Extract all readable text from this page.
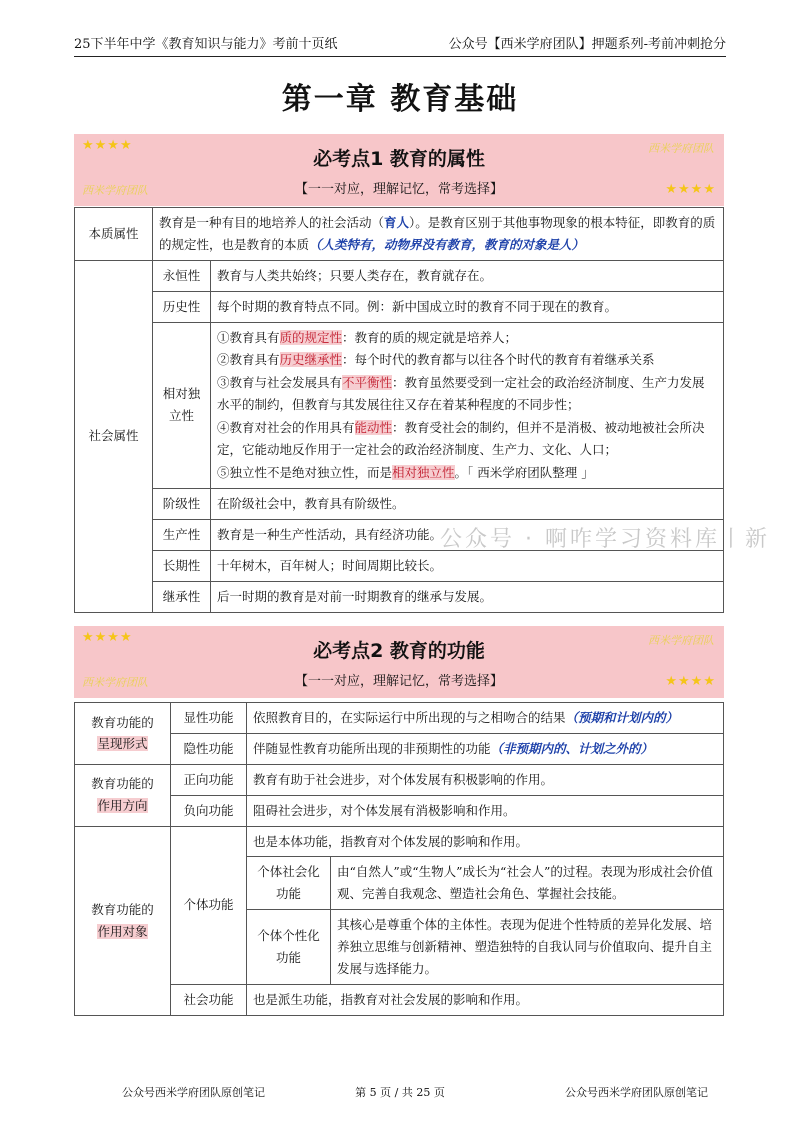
25下半年中学《教育知识与能力》考前十页纸	公众号【西米学府团队】押题系列-考前冲刺抢分
第一章 教育基础
★★★★	西米学府团队
必考点1 教育的属性
西米学府团队	【一一对应，理解记忆，常考选择】	★★★★
本质属性	教育是一种有目的地培养人的社会活动（育人）。是教育区别于其他事物现象的根本特征，即教育的质的规定性，也是教育的本质（人类特有，动物界没有教育，教育的对象是人）	
社会属性	永恒性	教育与人类共始终；只要人类存在，教育就存在。
	历史性	每个时期的教育特点不同。例：新中国成立时的教育不同于现在的教育。
	相对独立性	①教育具有质的规定性：教育的质的规定就是培养人；
②教育具有历史继承性：每个时代的教育都与以往各个时代的教育有着继承关系
③教育与社会发展具有不平衡性：教育虽然要受到一定社会的政治经济制度、生产力发展水平的制约，但教育与其发展往往又存在着某种程度的不同步性；
④教育对社会的作用具有能动性：教育受社会的制约，但并不是消极、被动地被社会所决定，它能动地反作用于一定社会的政治经济制度、生产力、文化、人口；
⑤独立性不是绝对独立性，而是相对独立性。「 西米学府团队整理 」

	阶级性	在阶级社会中，教育具有阶级性。
	生产性	教育是一种生产性活动，具有经济功能。
	长期性	十年树木，百年树人；时间周期比较长。
	继承性	后一时期的教育是对前一时期教育的继承与发展。
公众号 · 啊咋学习资料库丨新
★★★★	西米学府团队
必考点2 教育的功能
西米学府团队	【一一对应，理解记忆，常考选择】	★★★★
教育功能的
呈现形式	显性功能	依照教育目的，在实际运行中所出现的与之相吻合的结果（预期和计划内的）	
	隐性功能	伴随显性教育功能所出现的非预期性的功能（非预期内的、计划之外的）	

教育功能的
作用方向	正向功能	教育有助于社会进步，对个体发展有积极影响的作用。	
	负向功能	阻碍社会进步，对个体发展有消极影响和作用。	

教育功能的
作用对象	个体功能	也是本体功能，指教育对个体发展的影响和作用。	
		个体社会化功能	由“自然人”或“生物人”成长为“社会人”的过程。表现为形成社会价值观、完善自我观念、塑造社会角色、掌握社会技能。
		个体个性化功能	其核心是尊重个体的主体性。表现为促进个性特质的差异化发展、培养独立思维与创新精神、塑造独特的自我认同与价值取向、提升自主发展与选择能力。
	社会功能	也是派生功能，指教育对社会发展的影响和作用。	
公众号西米学府团队原创笔记	第 5 页 / 共 25 页	公众号西米学府团队原创笔记
